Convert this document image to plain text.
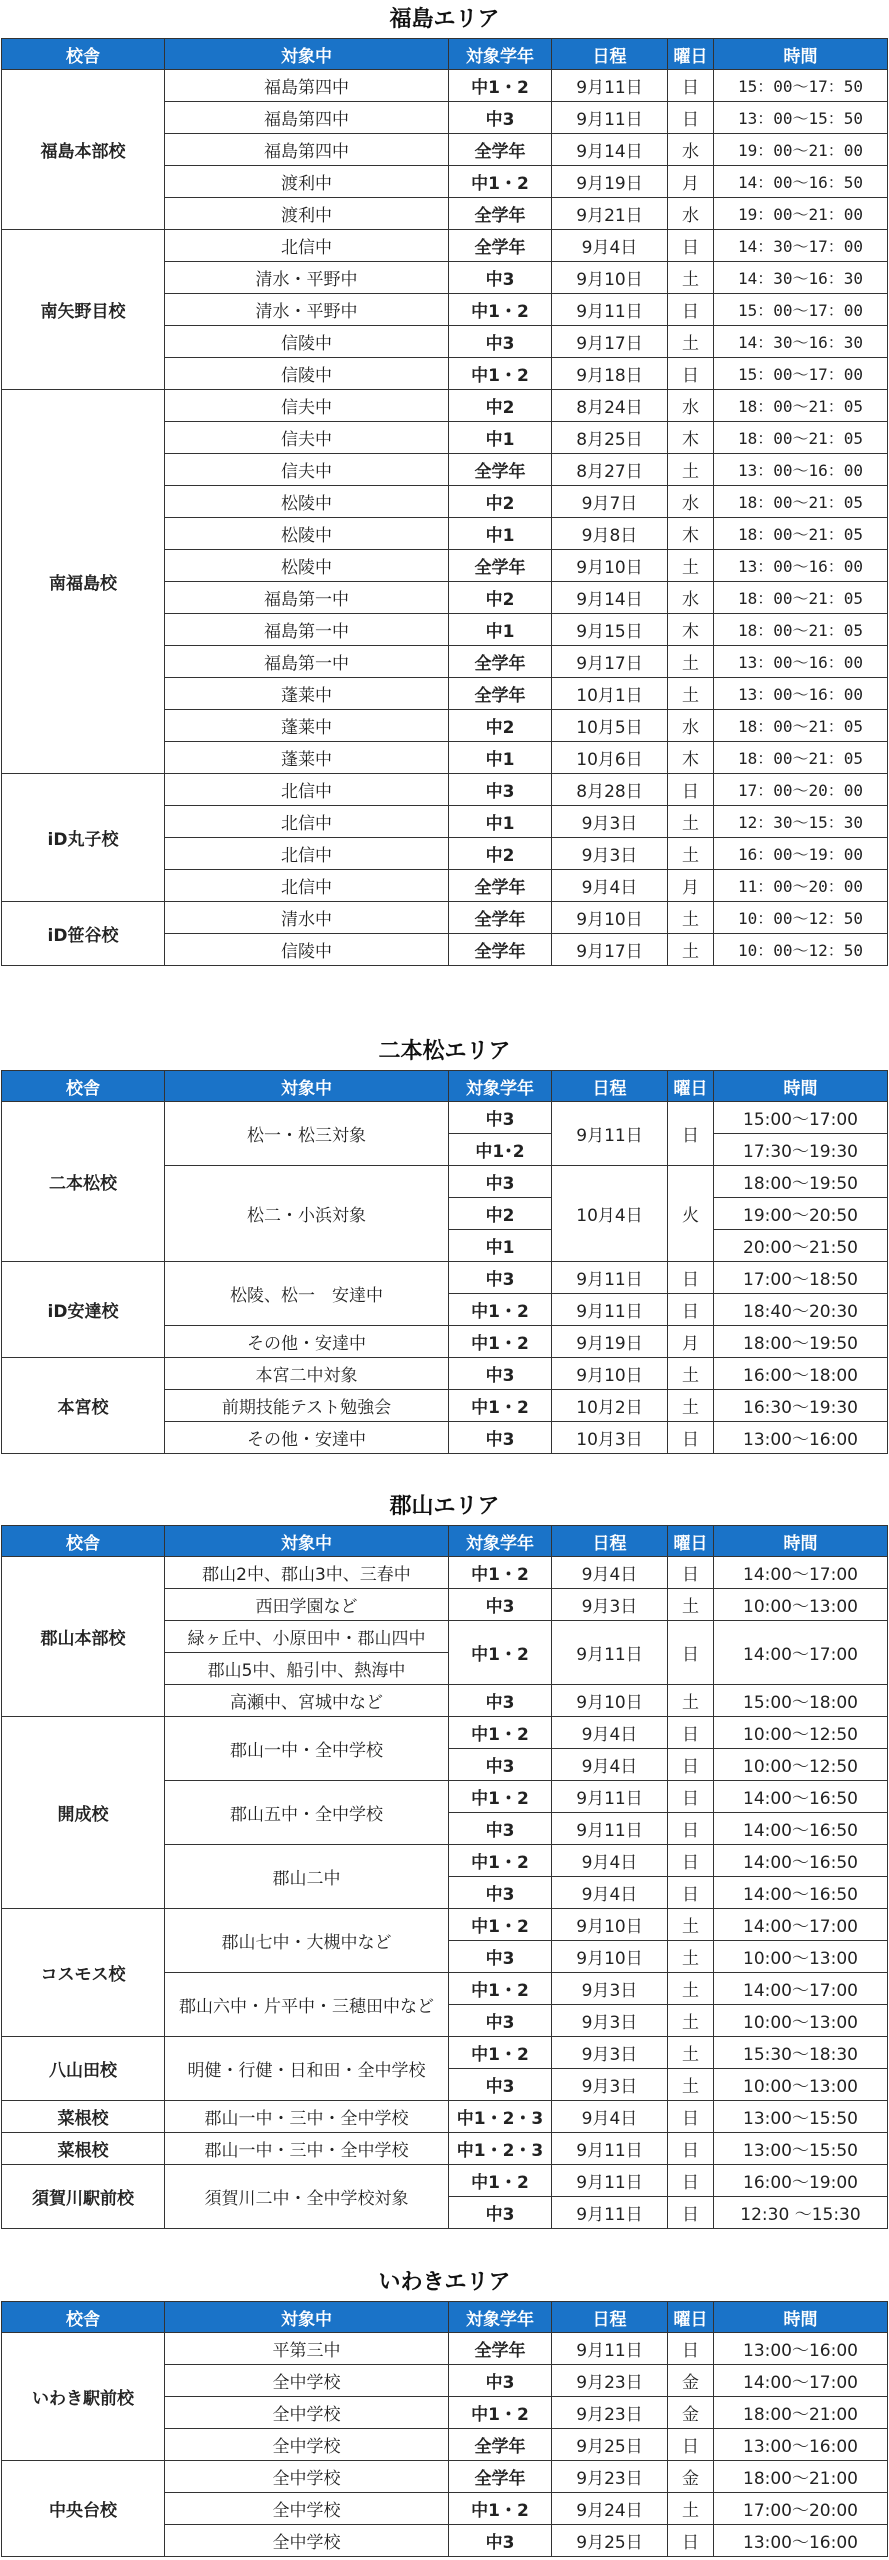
福島エリア
校舎	対象中	対象学年	日程	曜日	時間
福島本部校	福島第四中	中1・2	9月11日	日	15：00〜17：50
	福島第四中	中3	9月11日	日	13：00〜15：50
	福島第四中	全学年	9月14日	水	19：00〜21：00
	渡利中	中1・2	9月19日	月	14：00〜16：50
	渡利中	全学年	9月21日	水	19：00〜21：00
南矢野目校	北信中	全学年	9月4日	日	14：30〜17：00
	清水・平野中	中3	9月10日	土	14：30〜16：30
	清水・平野中	中1・2	9月11日	日	15：00〜17：00
	信陵中	中3	9月17日	土	14：30〜16：30
	信陵中	中1・2	9月18日	日	15：00〜17：00
南福島校	信夫中	中2	8月24日	水	18：00〜21：05
	信夫中	中1	8月25日	木	18：00〜21：05
	信夫中	全学年	8月27日	土	13：00〜16：00
	松陵中	中2	9月7日	水	18：00〜21：05
	松陵中	中1	9月8日	木	18：00〜21：05
	松陵中	全学年	9月10日	土	13：00〜16：00
	福島第一中	中2	9月14日	水	18：00〜21：05
	福島第一中	中1	9月15日	木	18：00〜21：05
	福島第一中	全学年	9月17日	土	13：00〜16：00
	蓬莱中	全学年	10月1日	土	13：00〜16：00
	蓬莱中	中2	10月5日	水	18：00〜21：05
	蓬莱中	中1	10月6日	木	18：00〜21：05
iD丸子校	北信中	中3	8月28日	日	17：00〜20：00
	北信中	中1	9月3日	土	12：30〜15：30
	北信中	中2	9月3日	土	16：00〜19：00
	北信中	全学年	9月4日	月	11：00〜20：00
iD笹谷校	清水中	全学年	9月10日	土	10：00〜12：50
	信陵中	全学年	9月17日	土	10：00〜12：50
二本松エリア
校舎	対象中	対象学年	日程	曜日	時間
二本松校	松一・松三対象	中3	9月11日	日	15:00〜17:00
		中1･2			17:30〜19:30
	松二・小浜対象	中3	10月4日	火	18:00〜19:50
		中2			19:00〜20:50
		中1			20:00〜21:50
iD安達校	松陵、松一　安達中	中3	9月11日	日	17:00〜18:50
		中1・2	9月11日	日	18:40〜20:30
	その他・安達中	中1・2	9月19日	月	18:00〜19:50
本宮校	本宮二中対象	中3	9月10日	土	16:00〜18:00
	前期技能テスト勉強会	中1・2	10月2日	土	16:30〜19:30
	その他・安達中	中3	10月3日	日	13:00〜16:00
郡山エリア
校舎	対象中	対象学年	日程	曜日	時間
郡山本部校	郡山2中、郡山3中、三春中	中1・2	9月4日	日	14:00〜17:00
	西田学園など	中3	9月3日	土	10:00〜13:00
	緑ヶ丘中、小原田中・郡山四中	中1・2	9月11日	日	14:00〜17:00
	郡山5中、船引中、熱海中				
	高瀬中、宮城中など	中3	9月10日	土	15:00〜18:00
開成校	郡山一中・全中学校	中1・2	9月4日	日	10:00〜12:50
		中3	9月4日	日	10:00〜12:50
	郡山五中・全中学校	中1・2	9月11日	日	14:00〜16:50
		中3	9月11日	日	14:00〜16:50
	郡山二中	中1・2	9月4日	日	14:00〜16:50
		中3	9月4日	日	14:00〜16:50
コスモス校	郡山七中・大槻中など	中1・2	9月10日	土	14:00〜17:00
		中3	9月10日	土	10:00〜13:00
	郡山六中・片平中・三穂田中など	中1・2	9月3日	土	14:00〜17:00
		中3	9月3日	土	10:00〜13:00
八山田校	明健・行健・日和田・全中学校	中1・2	9月3日	土	15:30〜18:30
		中3	9月3日	土	10:00〜13:00
菜根校	郡山一中・三中・全中学校	中1・2・3	9月4日	日	13:00〜15:50
菜根校	郡山一中・三中・全中学校	中1・2・3	9月11日	日	13:00〜15:50
須賀川駅前校	須賀川二中・全中学校対象	中1・2	9月11日	日	16:00〜19:00
		中3	9月11日	日	12:30 〜15:30
いわきエリア
校舎	対象中	対象学年	日程	曜日	時間
いわき駅前校	平第三中	全学年	9月11日	日	13:00〜16:00
	全中学校	中3	9月23日	金	14:00〜17:00
	全中学校	中1・2	9月23日	金	18:00〜21:00
	全中学校	全学年	9月25日	日	13:00〜16:00
中央台校	全中学校	全学年	9月23日	金	18:00〜21:00
	全中学校	中1・2	9月24日	土	17:00〜20:00
	全中学校	中3	9月25日	日	13:00〜16:00
